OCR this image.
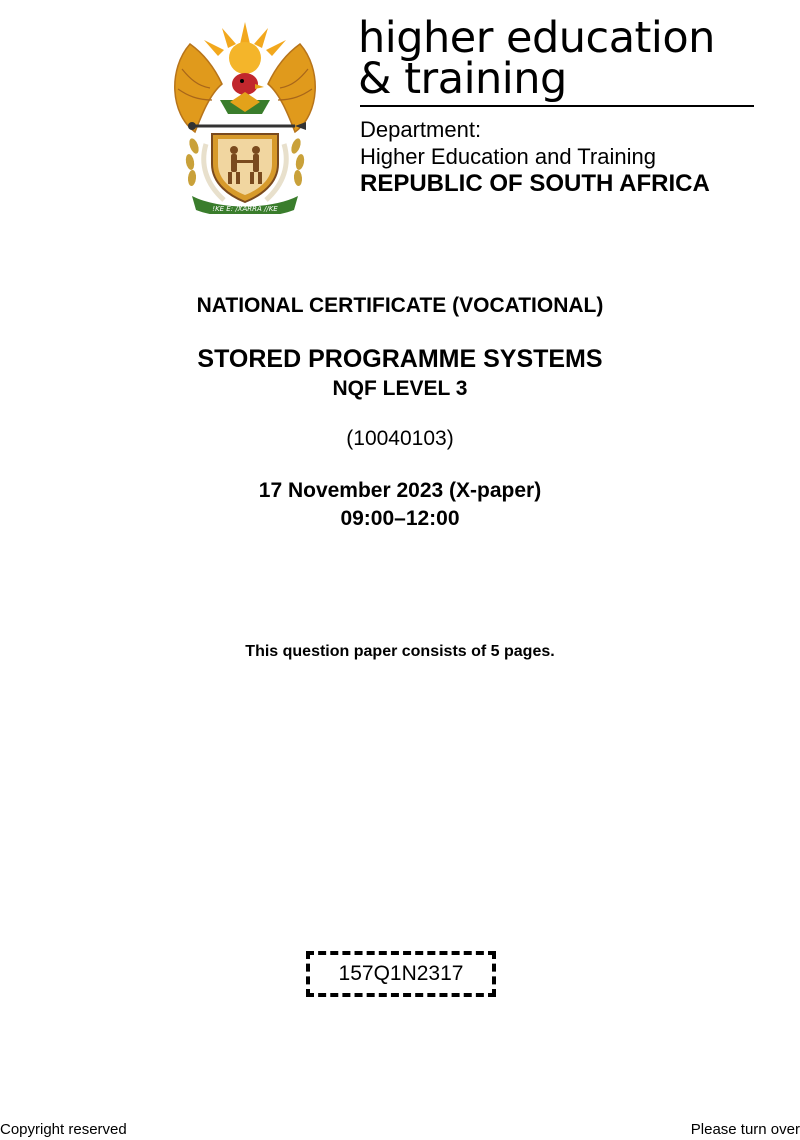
!KE E: /XARRA //KE
higher education
& training
Department:
Higher Education and Training
REPUBLIC OF SOUTH AFRICA
NATIONAL CERTIFICATE (VOCATIONAL)
STORED PROGRAMME SYSTEMS
NQF LEVEL 3
(10040103)
17 November 2023 (X-paper)
09:00–12:00
This question paper consists of 5 pages.
157Q1N2317
Copyright reserved	Please turn over
